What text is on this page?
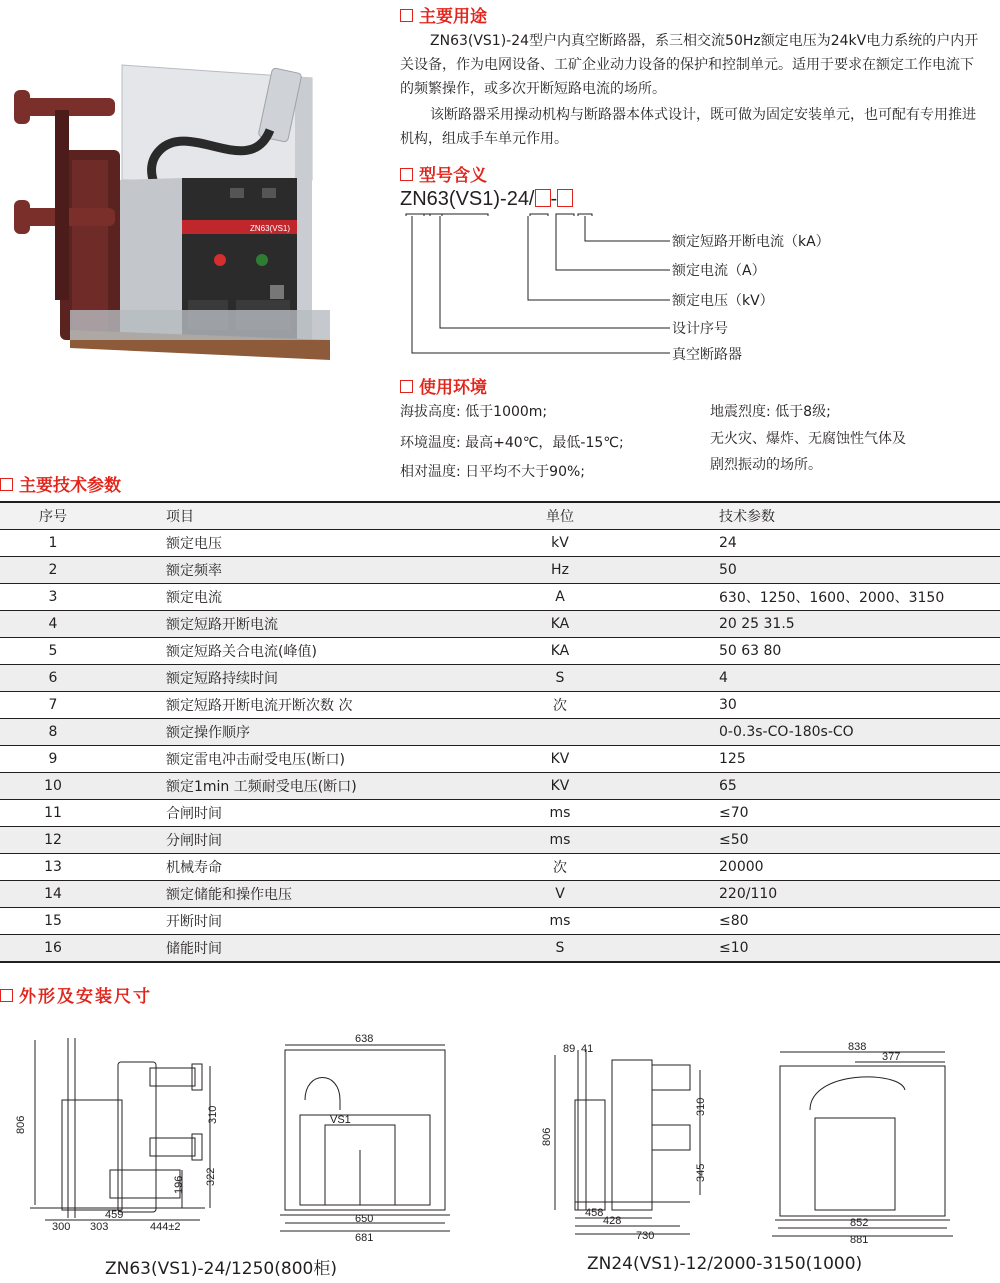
ZN63(VS1)
主要用途
ZN63(VS1)-24型户内真空断路器，系三相交流50Hz额定电压为24kV电力系统的户内开关设备，作为电网设备、工矿企业动力设备的保护和控制单元。适用于要求在额定工作电流下的频繁操作，或多次开断短路电流的场所。
该断路器采用操动机构与断路器本体式设计，既可做为固定安装单元，也可配有专用推进机构，组成手车单元作用。
型号含义
ZN63(VS1)-24/ -
额定短路开断电流（kA）
额定电流（A）
额定电压（kV）
设计序号
真空断路器
使用环境
海拔高度: 低于1000m;
环境温度: 最高+40℃，最低-15℃;
相对温度: 日平均不大于90%;
地震烈度: 低于8级;
无火灾、爆炸、无腐蚀性气体及
剧烈振动的场所。
主要技术参数
序号	项目	单位	技术参数
1	额定电压	kV	24
2	额定频率	Hz	50
3	额定电流	A	630、1250、1600、2000、3150
4	额定短路开断电流	KA	20 25 31.5
5	额定短路关合电流(峰值)	KA	50 63 80
6	额定短路持续时间	S	4
7	额定短路开断电流开断次数 次	次	30
8	额定操作顺序		0-0.3s-CO-180s-CO
9	额定雷电冲击耐受电压(断口)	KV	125
10	额定1min 工频耐受电压(断口)	KV	65
11	合闸时间	ms	≤70
12	分闸时间	ms	≤50
13	机械寿命	次	20000
14	额定储能和操作电压	V	220/110
15	开断时间	ms	≤80
16	储能时间	S	≤10
外形及安装尺寸
806
310
322
196
459
303
300	444±2
638
VS1
650
681
89 41
806
310
345
458
428
730
838
377
852
881
ZN63(VS1)-24/1250(800柜)	ZN24(VS1)-12/2000-3150(1000)
